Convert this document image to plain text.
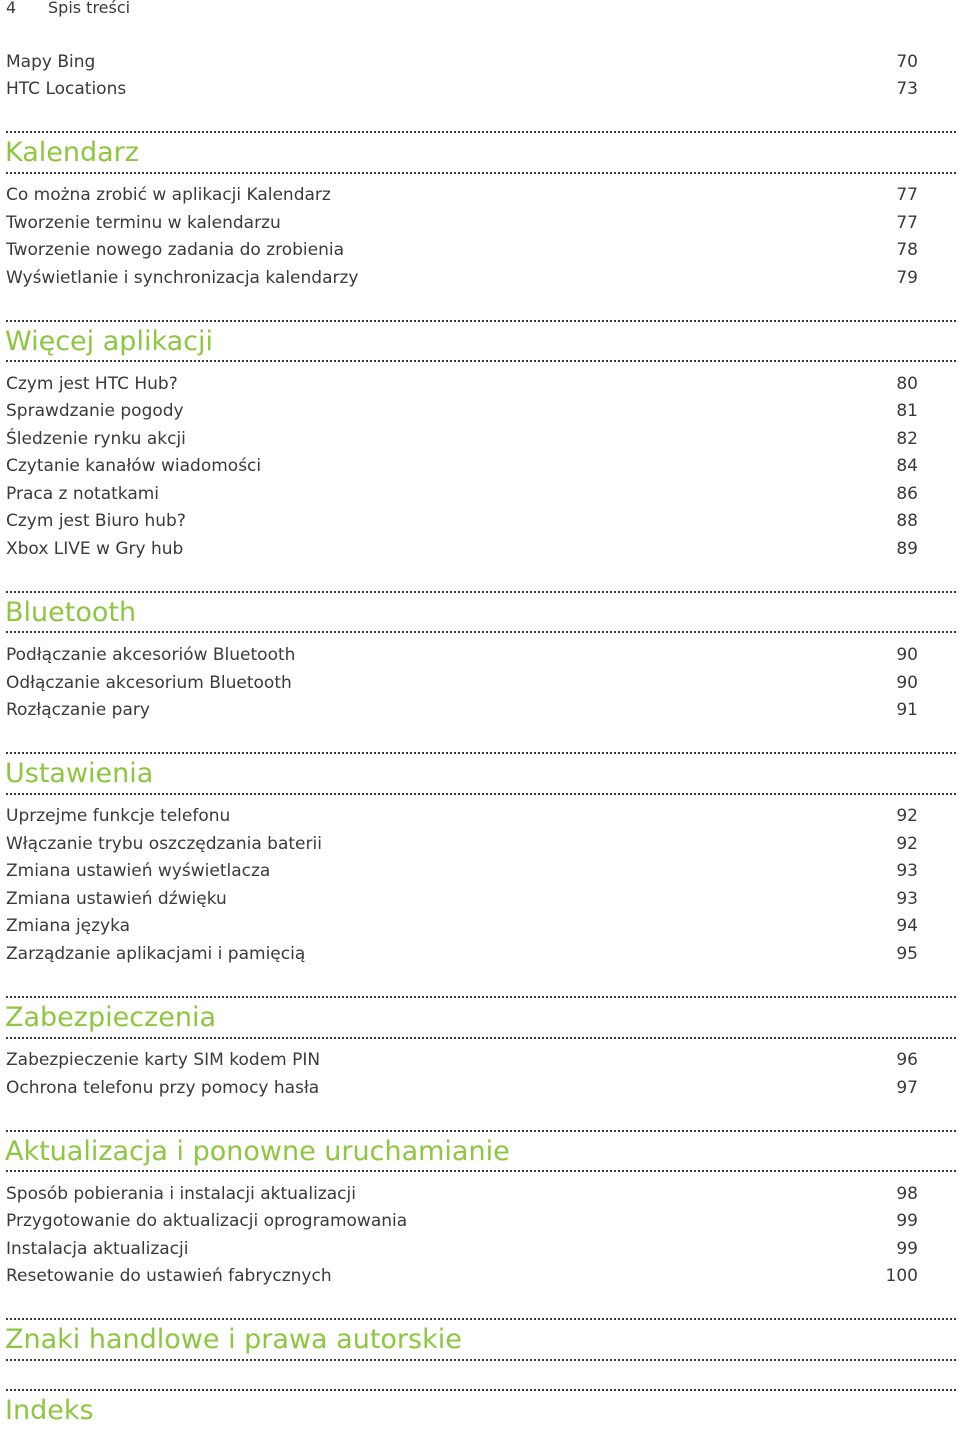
4 Spis treści
Mapy Bing	70
HTC Locations	73
Kalendarz
Co można zrobić w aplikacji Kalendarz	77
Tworzenie terminu w kalendarzu	77
Tworzenie nowego zadania do zrobienia	78
Wyświetlanie i synchronizacja kalendarzy	79
Więcej aplikacji
Czym jest HTC Hub?	80
Sprawdzanie pogody	81
Śledzenie rynku akcji	82
Czytanie kanałów wiadomości	84
Praca z notatkami	86
Czym jest Biuro hub?	88
Xbox LIVE w Gry hub	89
Bluetooth
Podłączanie akcesoriów Bluetooth	90
Odłączanie akcesorium Bluetooth	90
Rozłączanie pary	91
Ustawienia
Uprzejme funkcje telefonu	92
Włączanie trybu oszczędzania baterii	92
Zmiana ustawień wyświetlacza	93
Zmiana ustawień dźwięku	93
Zmiana języka	94
Zarządzanie aplikacjami i pamięcią	95
Zabezpieczenia
Zabezpieczenie karty SIM kodem PIN	96
Ochrona telefonu przy pomocy hasła	97
Aktualizacja i ponowne uruchamianie
Sposób pobierania i instalacji aktualizacji	98
Przygotowanie do aktualizacji oprogramowania	99
Instalacja aktualizacji	99
Resetowanie do ustawień fabrycznych	100
Znaki handlowe i prawa autorskie
Indeks
